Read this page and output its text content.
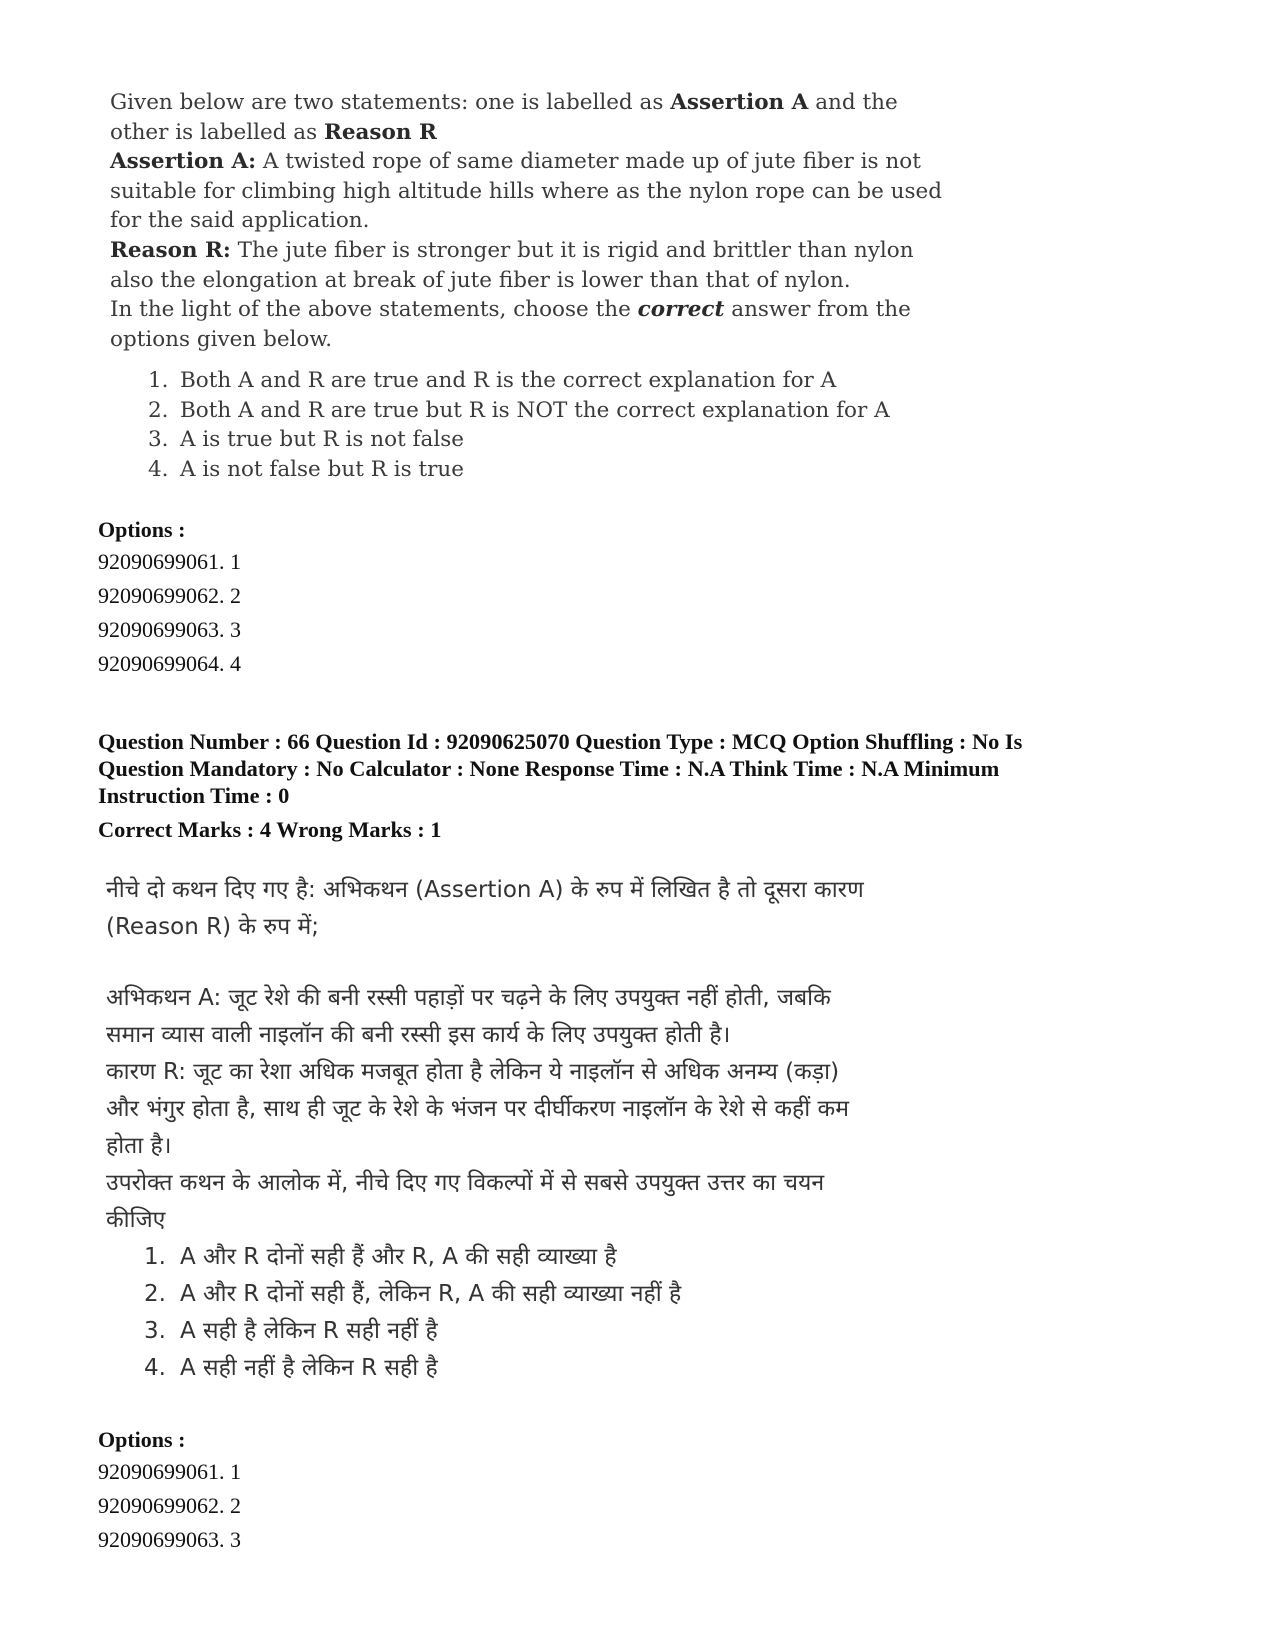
Given below are two statements: one is labelled as Assertion A and the

other is labelled as Reason R

Assertion A: A twisted rope of same diameter made up of jute fiber is not

suitable for climbing high altitude hills where as the nylon rope can be used

for the said application.

Reason R: The jute fiber is stronger but it is rigid and brittler than nylon

also the elongation at break of jute fiber is lower than that of nylon.

In the light of the above statements, choose the correct answer from the

options given below.

1. Both A and R are true and R is the correct explanation for A
2. Both A and R are true but R is NOT the correct explanation for A
3. A is true but R is not false
4. A is not false but R is true
Options :
92090699061. 1
92090699062. 2
92090699063. 3
92090699064. 4
Question Number : 66 Question Id : 92090625070 Question Type : MCQ Option Shuffling : No Is
Question Mandatory : No Calculator : None Response Time : N.A Think Time : N.A Minimum
Instruction Time : 0
Correct Marks : 4 Wrong Marks : 1
नीचे दो कथन दिए गए है: अभिकथन (Assertion A) के रुप में लिखित है तो दूसरा कारण
(Reason R) के रुप में;
अभिकथन A: जूट रेशे की बनी रस्सी पहाड़ों पर चढ़ने के लिए उपयुक्त नहीं होती, जबकि
समान व्यास वाली नाइलॉन की बनी रस्सी इस कार्य के लिए उपयुक्त होती है।
कारण R: जूट का रेशा अधिक मजबूत होता है लेकिन ये नाइलॉन से अधिक अनम्य (कड़ा)
और भंगुर होता है, साथ ही जूट के रेशे के भंजन पर दीर्घीकरण नाइलॉन के रेशे से कहीं कम
होता है।
उपरोक्त कथन के आलोक में, नीचे दिए गए विकल्पों में से सबसे उपयुक्त उत्तर का चयन
कीजिए
1. A और R दोनों सही हैं और R, A की सही व्याख्या है
2. A और R दोनों सही हैं, लेकिन R, A की सही व्याख्या नहीं है
3. A सही है लेकिन R सही नहीं है
4. A सही नहीं है लेकिन R सही है
Options :
92090699061. 1
92090699062. 2
92090699063. 3
